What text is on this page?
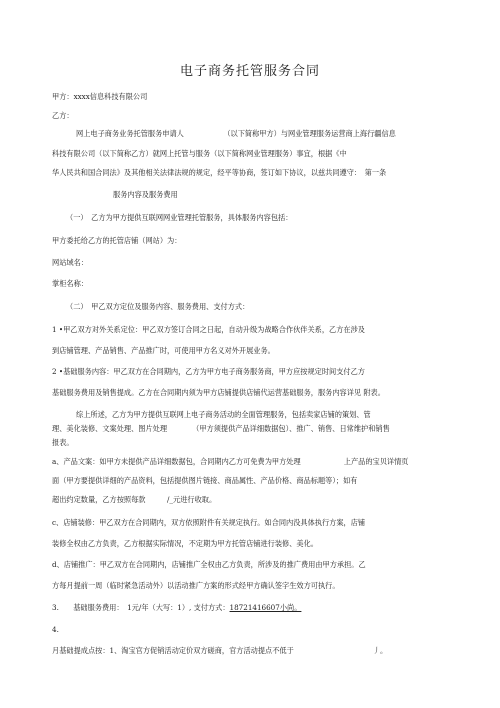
电子商务托管服务合同
甲方：xxxx信息科技有限公司
乙方：
网上电子商务业务托管服务申请人　　　　　　（以下简称甲方）与网业管理服务运营商上海行疆信息
科技有限公司（以下简称乙方）就网上托管与服务（以下简称网业管理服务）事宜，根据《中
华人民共和国合同法》及其他相关法律法规的规定，经平等协商，签订如下协议，以兹共同遵守：　第一条
服务内容及服务费用
（一）　乙方为甲方提供互联网网业管理托管服务，具体服务内容包括：
甲方委托给乙方的托管店铺（网站）为：
网站域名：
掌柜名称：
（二）　甲乙双方定位及服务内容、服务费用、支付方式：
1 •甲乙双方对外关系定位：甲乙双方签订合同之日起，自动升级为战略合作伙伴关系，乙方在涉及
到店铺管理、产品销售、产品推广时，可使用甲方名义对外开展业务。
2 •基础服务内容：甲乙双方在合同期内，乙方为甲方电子商务服务商，甲方应按规定时间支付乙方
基础服务费用及销售提成。乙方在合同期内须为甲方店铺提供店铺代运营基础服务，服务内容详见 附表。
综上所述，乙方为甲方提供互联网上电子商务活动的全面管理服务，包括卖家店铺的策划、管
理、美化装修、文案处理、图片处理　　　　（甲方须提供产品详细数据包）、推广、销售、日常维护和销售
报表。
a、产品文案：如甲方未提供产品详细数据包，合同期内乙方可免费为甲方处理　　　　　　上产品的宝贝详情页
面（甲方要提供详细的产品资料，包括提供图片链接、商品属性、产品价格、商品标题等）；如有
超出约定数量，乙方按照每款　　　/_元进行收取。
c、店铺装修：甲乙双方在合同期内，双方依照附件有关规定执行。如合同内没具体执行方案，店铺
装修全权由乙方负责，乙方根据实际情况，不定期为甲方托管店铺进行装修、美化。
d、店铺推广：甲乙双方在合同期内，店铺推广全权由乙方负责，所涉及的推广费用由甲方承担。乙
方每月提前一周（临时紧急活动外）以活动推广方案的形式经甲方确认签字生效方可执行。
3.　　基础服务费用：　1元/年（大写：1）, 支付方式：18721416607小尚。
4.
月基础提成点按：1、淘宝官方促销活动定价双方磋商，官方活动提点不低于　　　　　　　　　　　丿。
